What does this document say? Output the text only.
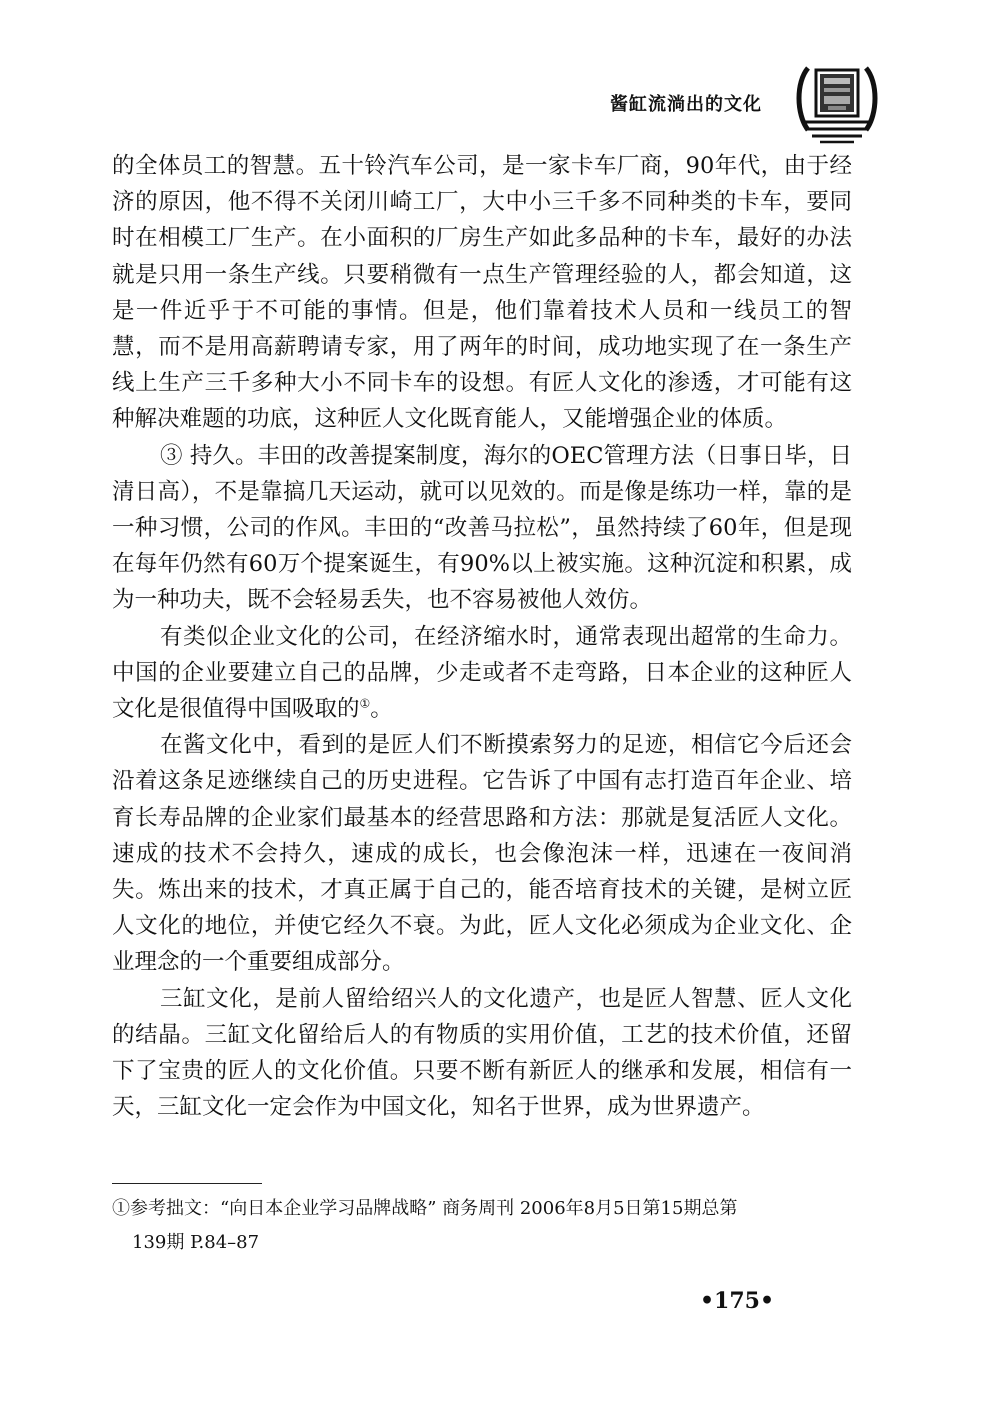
酱缸流淌出的文化

的全体员工的智慧。五十铃汽车公司，是一家卡车厂商，90年代，由于经济的原因，他不得不关闭川崎工厂，大中小三千多不同种类的卡车，要同时在相模工厂生产。在小面积的厂房生产如此多品种的卡车，最好的办法就是只用一条生产线。只要稍微有一点生产管理经验的人，都会知道，这是一件近乎于不可能的事情。但是，他们靠着技术人员和一线员工的智慧，而不是用高薪聘请专家，用了两年的时间，成功地实现了在一条生产线上生产三千多种大小不同卡车的设想。有匠人文化的渗透，才可能有这种解决难题的功底，这种匠人文化既育能人，又能增强企业的体质。

③ 持久。丰田的改善提案制度，海尔的OEC管理方法（日事日毕，日清日高），不是靠搞几天运动，就可以见效的。而是像是练功一样，靠的是一种习惯，公司的作风。丰田的“改善马拉松”，虽然持续了60年，但是现在每年仍然有60万个提案诞生，有90%以上被实施。这种沉淀和积累，成为一种功夫，既不会轻易丢失，也不容易被他人效仿。

有类似企业文化的公司，在经济缩水时，通常表现出超常的生命力。中国的企业要建立自己的品牌，少走或者不走弯路，日本企业的这种匠人文化是很值得中国吸取的①。

在酱文化中，看到的是匠人们不断摸索努力的足迹，相信它今后还会沿着这条足迹继续自己的历史进程。它告诉了中国有志打造百年企业、培育长寿品牌的企业家们最基本的经营思路和方法：那就是复活匠人文化。速成的技术不会持久，速成的成长，也会像泡沫一样，迅速在一夜间消失。炼出来的技术，才真正属于自己的，能否培育技术的关键，是树立匠人文化的地位，并使它经久不衰。为此，匠人文化必须成为企业文化、企业理念的一个重要组成部分。

三缸文化，是前人留给绍兴人的文化遗产，也是匠人智慧、匠人文化的结晶。三缸文化留给后人的有物质的实用价值，工艺的技术价值，还留下了宝贵的匠人的文化价值。只要不断有新匠人的继承和发展，相信有一天，三缸文化一定会作为中国文化，知名于世界，成为世界遗产。

①参考拙文：“向日本企业学习品牌战略” 商务周刊 2006年8月5日第15期总第
139期 P.84–87
•175•
